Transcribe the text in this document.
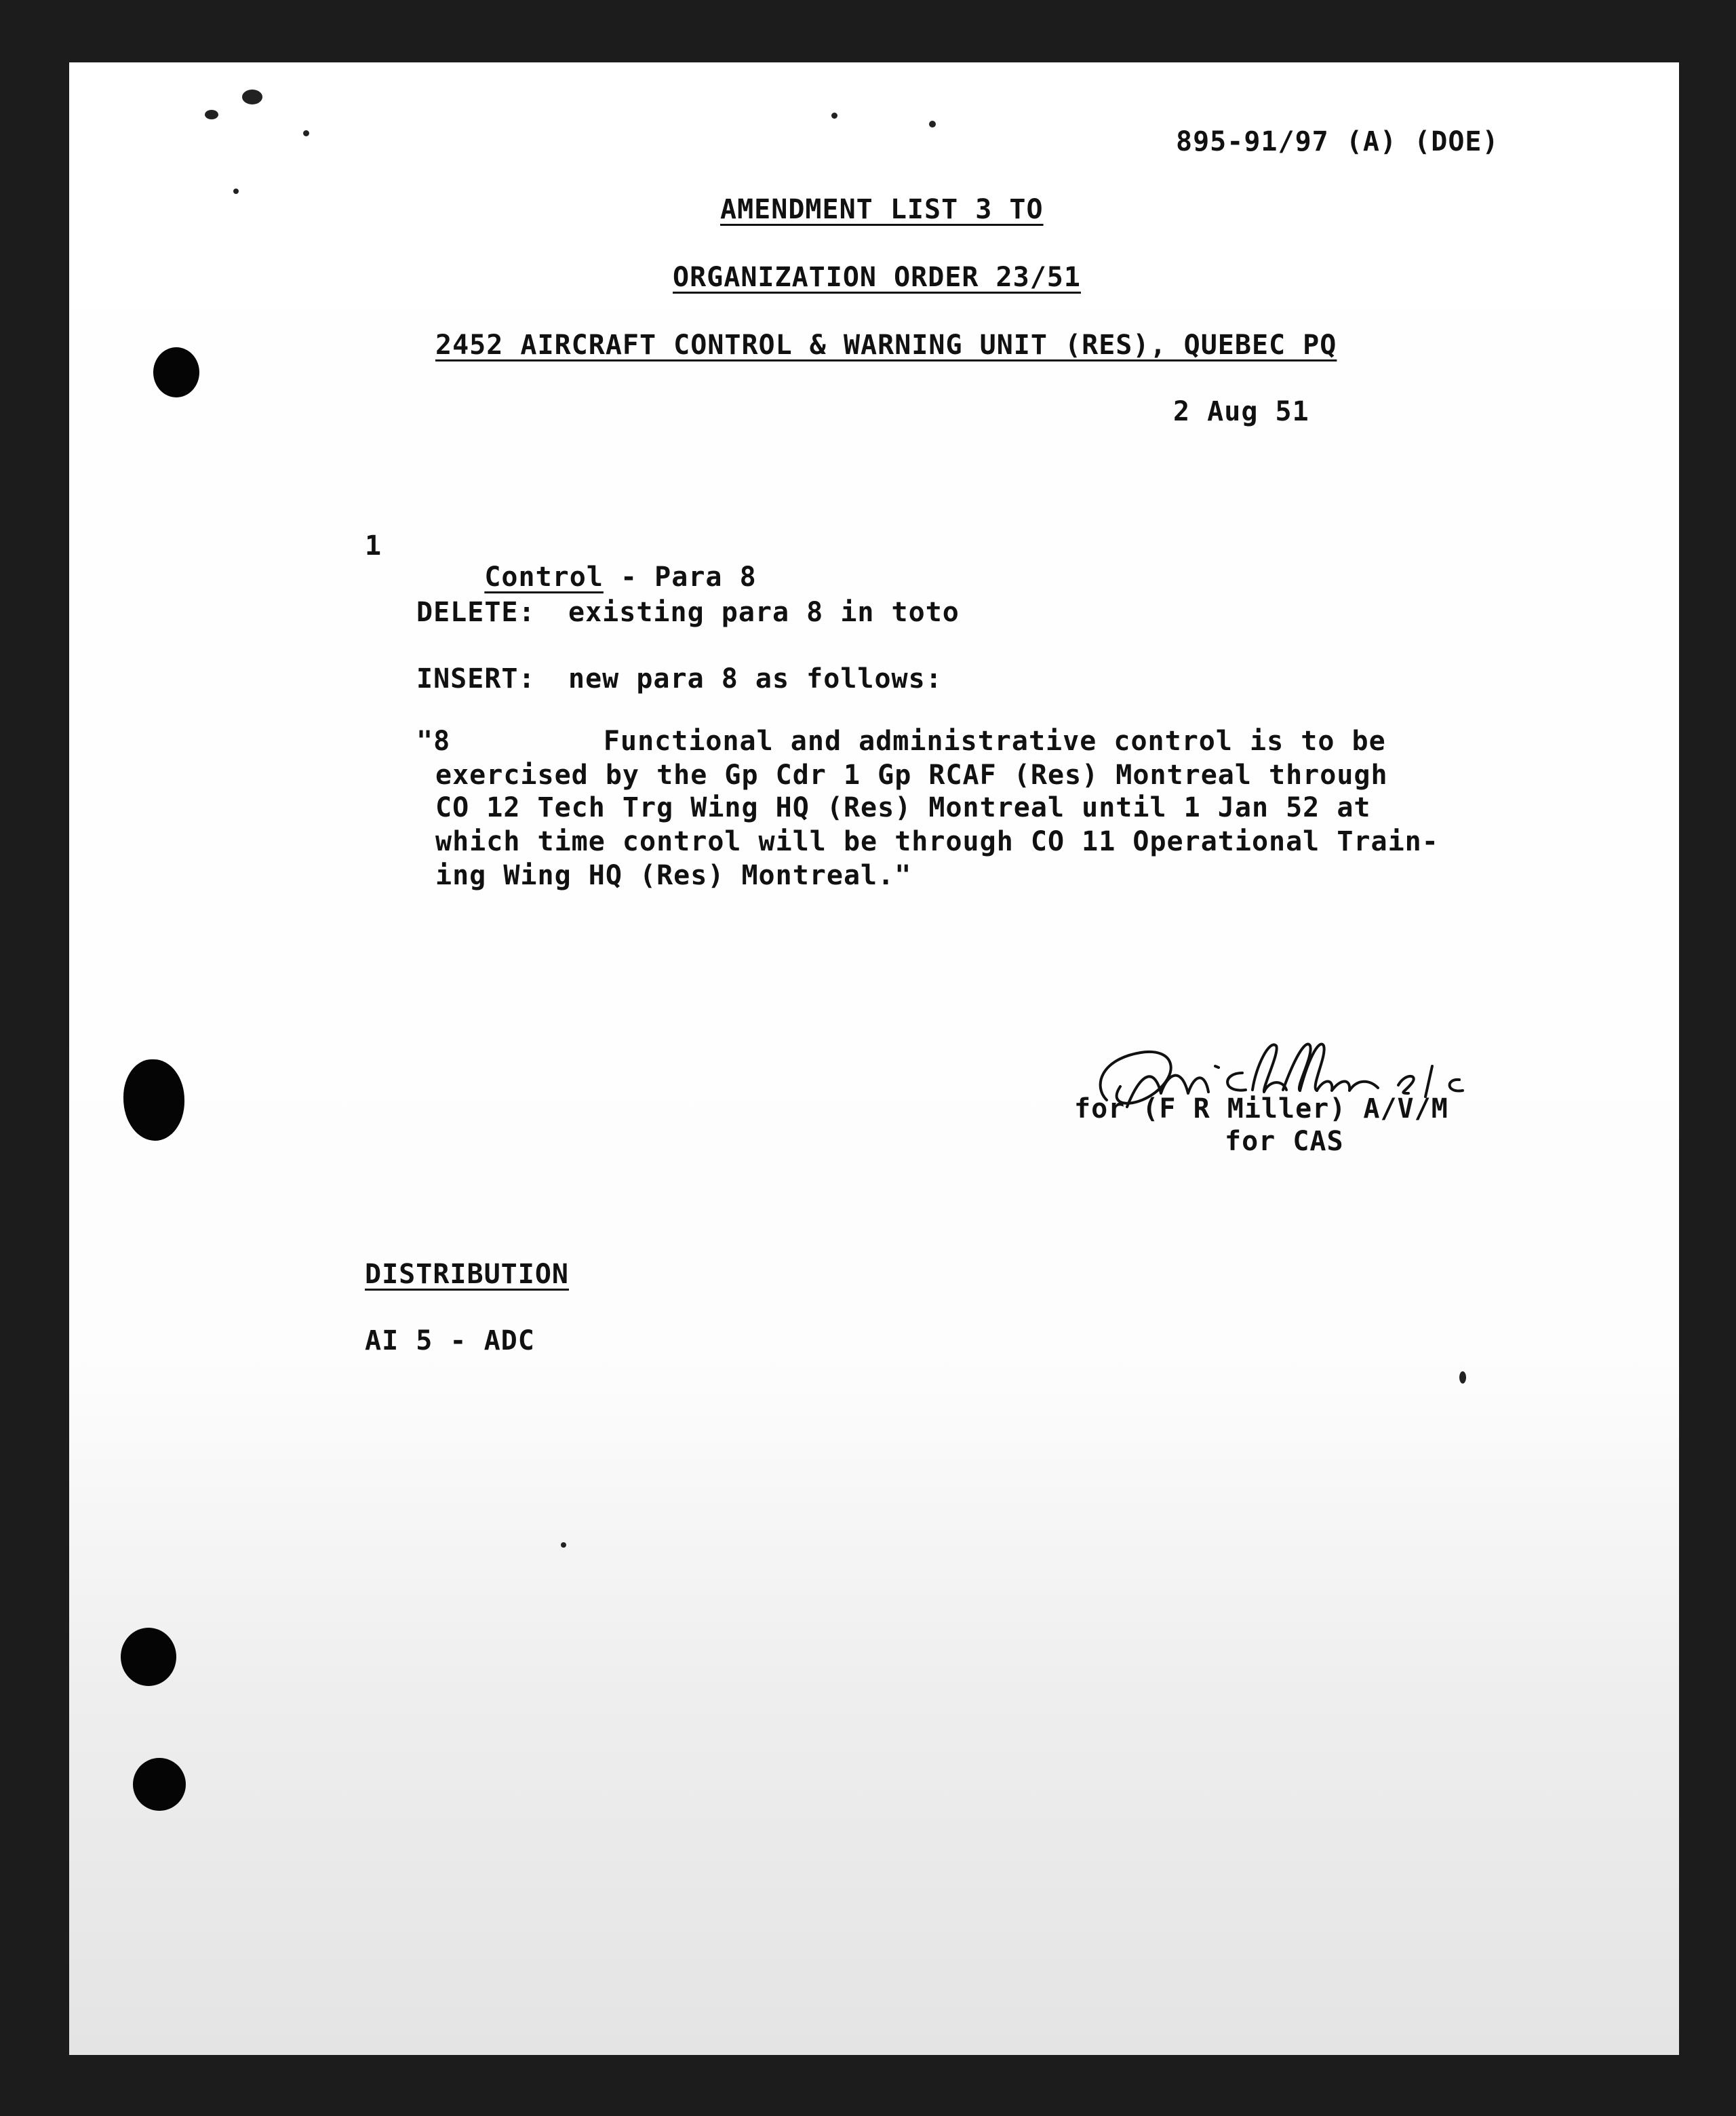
895-91/97 (A) (DOE)
AMENDMENT LIST 3 TO
ORGANIZATION ORDER 23/51
2452 AIRCRAFT CONTROL & WARNING UNIT (RES), QUEBEC PQ
2 Aug 51
1

Control - Para 8

DELETE: existing para 8 in toto
INSERT: new para 8 as follows:
"8         Functional and administrative control is to be
exercised by the Gp Cdr 1 Gp RCAF (Res) Montreal through
CO 12 Tech Trg Wing HQ (Res) Montreal until 1 Jan 52 at
which time control will be through CO 11 Operational Train-
ing Wing HQ (Res) Montreal."
for (F R Miller) A/V/M
for CAS
DISTRIBUTION
AI 5 - ADC
